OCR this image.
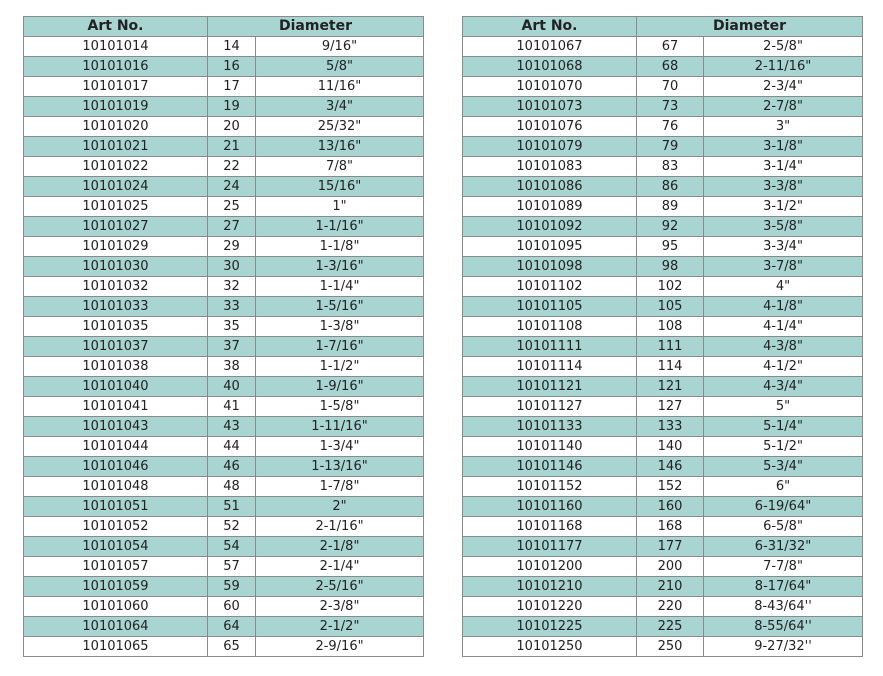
Art No.	Diameter	
10101014	14	9/16"
10101016	16	5/8"
10101017	17	11/16"
10101019	19	3/4"
10101020	20	25/32"
10101021	21	13/16"
10101022	22	7/8"
10101024	24	15/16"
10101025	25	1"
10101027	27	1-1/16"
10101029	29	1-1/8"
10101030	30	1-3/16"
10101032	32	1-1/4"
10101033	33	1-5/16"
10101035	35	1-3/8"
10101037	37	1-7/16"
10101038	38	1-1/2"
10101040	40	1-9/16"
10101041	41	1-5/8"
10101043	43	1-11/16"
10101044	44	1-3/4"
10101046	46	1-13/16"
10101048	48	1-7/8"
10101051	51	2"
10101052	52	2-1/16"
10101054	54	2-1/8"
10101057	57	2-1/4"
10101059	59	2-5/16"
10101060	60	2-3/8"
10101064	64	2-1/2"
10101065	65	2-9/16"
Art No.	Diameter	
10101067	67	2-5/8"
10101068	68	2-11/16"
10101070	70	2-3/4"
10101073	73	2-7/8"
10101076	76	3"
10101079	79	3-1/8"
10101083	83	3-1/4"
10101086	86	3-3/8"
10101089	89	3-1/2"
10101092	92	3-5/8"
10101095	95	3-3/4"
10101098	98	3-7/8"
10101102	102	4"
10101105	105	4-1/8"
10101108	108	4-1/4"
10101111	111	4-3/8"
10101114	114	4-1/2"
10101121	121	4-3/4"
10101127	127	5"
10101133	133	5-1/4"
10101140	140	5-1/2"
10101146	146	5-3/4"
10101152	152	6"
10101160	160	6-19/64"
10101168	168	6-5/8"
10101177	177	6-31/32"
10101200	200	7-7/8"
10101210	210	8-17/64"
10101220	220	8-43/64''
10101225	225	8-55/64''
10101250	250	9-27/32''
